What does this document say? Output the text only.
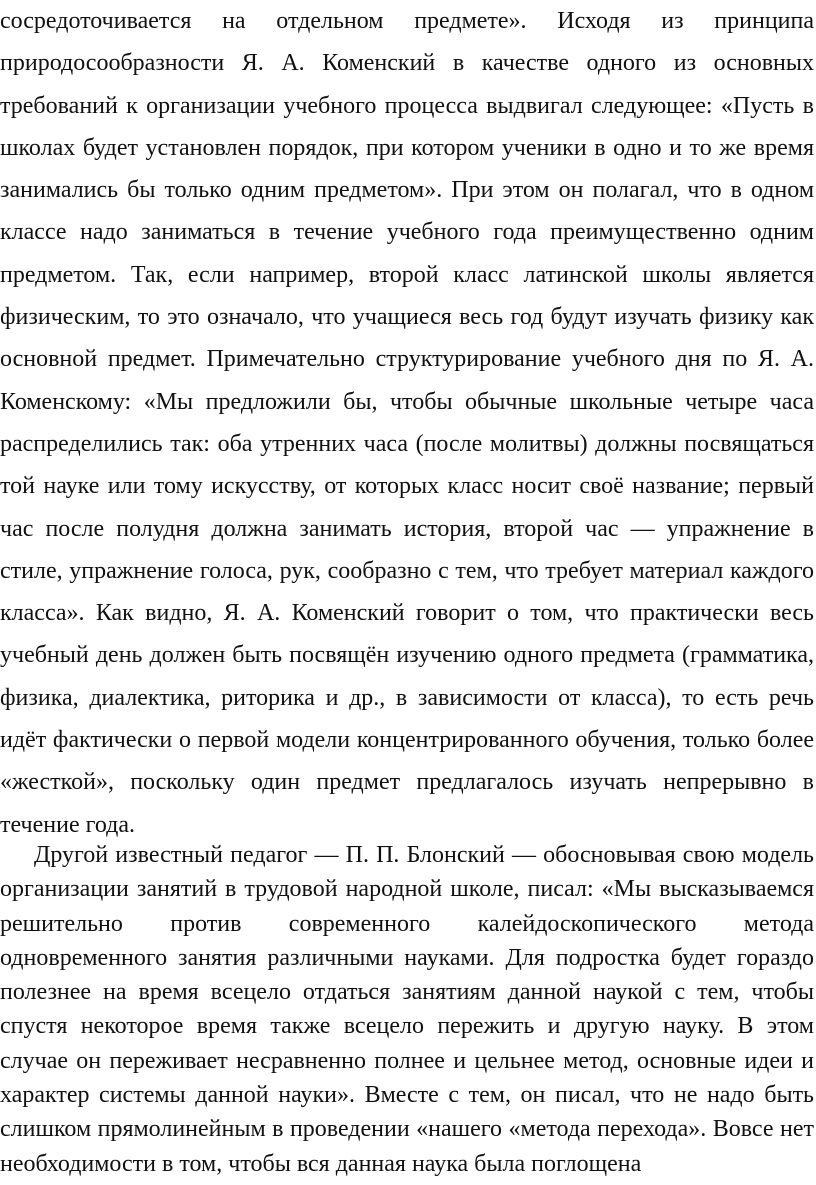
сосредоточивается на отдельном предмете». Исходя из принципа природосообразности Я. А. Коменский в качестве одного из основных требований к организации учебного процесса выдвигал следующее: «Пусть в школах будет установлен порядок, при котором ученики в одно и то же время занимались бы только одним предметом». При этом он полагал, что в одном классе надо заниматься в течение учебного года преимущественно одним предметом. Так, если например, второй класс латинской школы является физическим, то это означало, что учащиеся весь год будут изучать физику как основной предмет. Примечательно структурирование учебного дня по Я. А. Коменскому: «Мы предложили бы, чтобы обычные школьные четыре часа распределились так: оба утренних часа (после молитвы) должны посвящаться той науке или тому искусству, от которых класс носит своё название; первый час после полудня должна занимать история, второй час — упражнение в стиле, упражнение голоса, рук, сообразно с тем, что требует материал каждого класса». Как видно, Я. А. Коменский говорит о том, что практически весь учебный день должен быть посвящён изучению одного предмета (грамматика, физика, диалектика, риторика и др., в зависимости от класса), то есть речь идёт фактически о первой модели концентрированного обучения, только более «жесткой», поскольку один предмет предлагалось изучать непрерывно в течение года.

Другой известный педагог — П. П. Блонский — обосновывая свою модель организации занятий в трудовой народной школе, писал: «Мы высказываемся решительно против современного калейдоскопического метода одновременного занятия различными науками. Для подростка будет гораздо полезнее на время всецело отдаться занятиям данной наукой с тем, чтобы спустя некоторое время также всецело пережить и другую науку. В этом случае он переживает несравненно полнее и цельнее метод, основные идеи и характер системы данной науки». Вместе с тем, он писал, что не надо быть слишком прямолинейным в проведении «нашего «метода перехода». Вовсе нет необходимости в том, чтобы вся данная наука была поглощена
